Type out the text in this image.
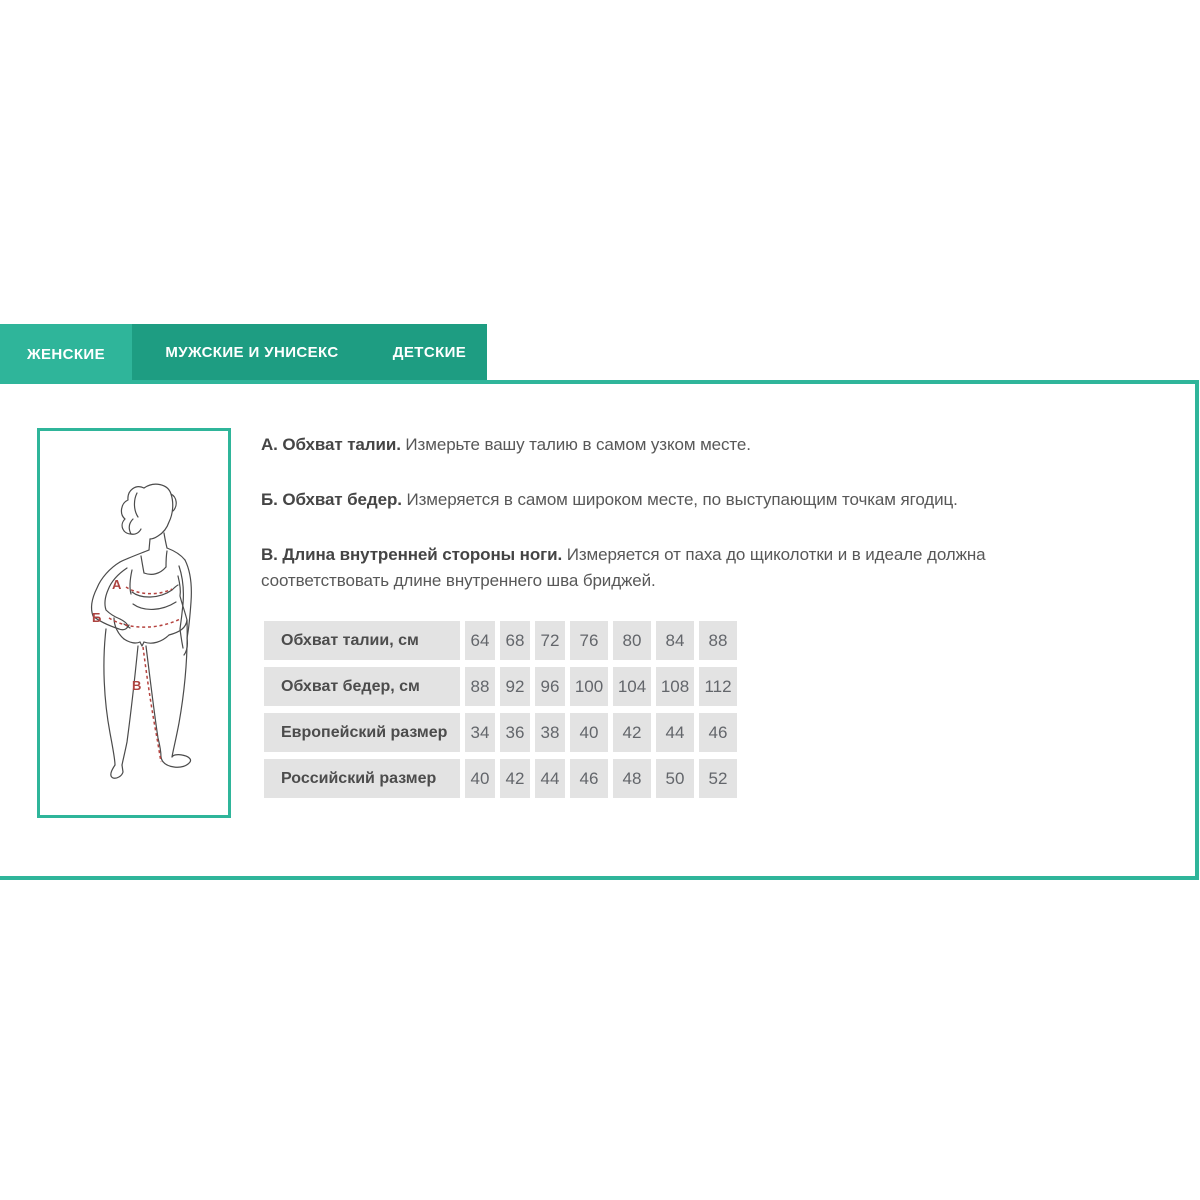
ЖЕНСКИЕ	МУЖСКИЕ И УНИСЕКС	ДЕТСКИЕ
А
Б
В

А. Обхват талии. Измерьте вашу талию в самом узком месте.

Б. Обхват бедер. Измеряется в самом широком месте, по выступающим точкам ягодиц.

В. Длина внутренней стороны ноги. Измеряется от паха до щиколотки и в идеале должна соответствовать длине внутреннего шва бриджей.

Обхват талии, см	64 68 72	76	80	84	88
Обхват бедер, см	88 92 96 100 104 108 112
Европейский размер	34 36 38	40	42	44	46
Российский размер	40 42 44	46	48	50	52
